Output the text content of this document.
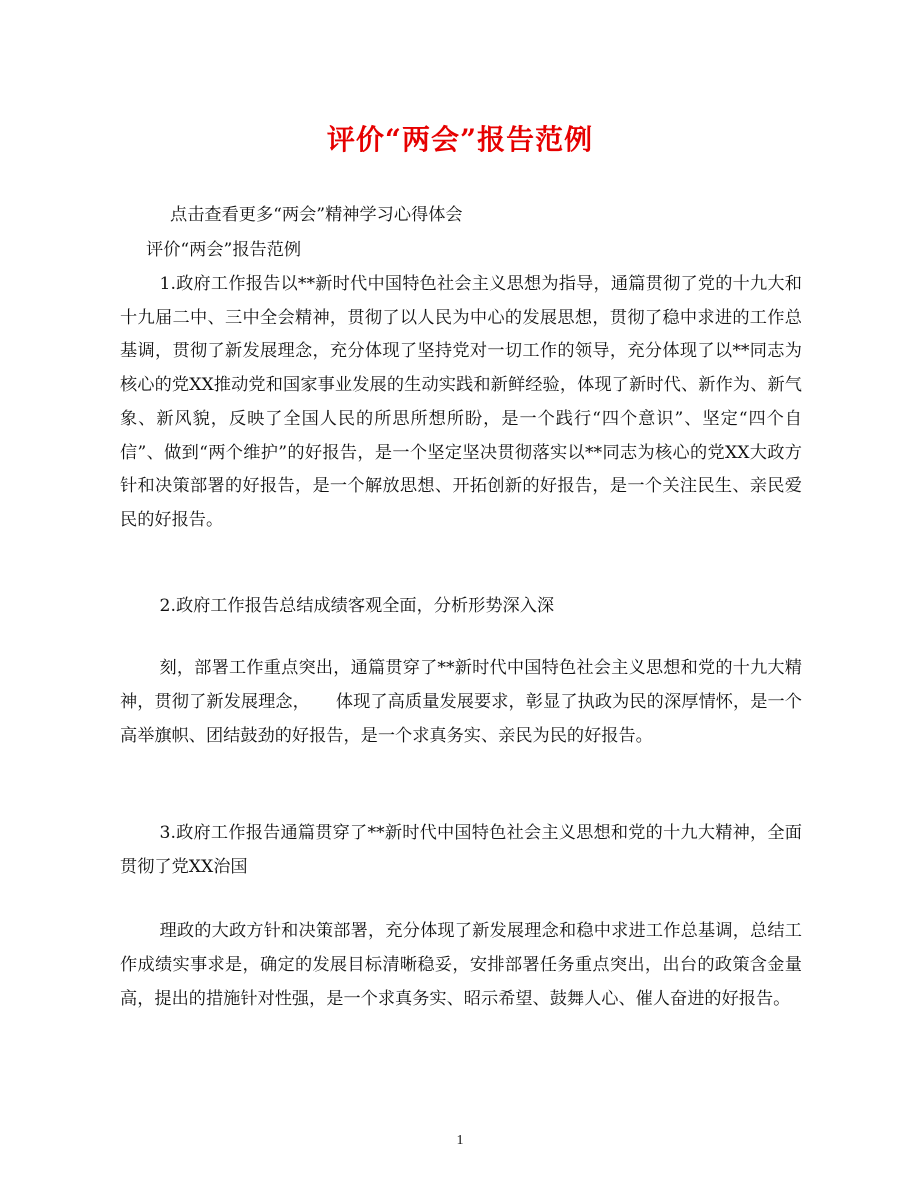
评价“两会”报告范例
点击查看更多“两会”精神学习心得体会
评价“两会”报告范例
1.政府工作报告以**新时代中国特色社会主义思想为指导，通篇贯彻了党的十九大和十九届二中、三中全会精神，贯彻了以人民为中心的发展思想，贯彻了稳中求进的工作总基调，贯彻了新发展理念，充分体现了坚持党对一切工作的领导，充分体现了以**同志为核心的党XX推动党和国家事业发展的生动实践和新鲜经验，体现了新时代、新作为、新气象、新风貌，反映了全国人民的所思所想所盼，是一个践行“四个意识”、坚定“四个自信”、做到“两个维护”的好报告，是一个坚定坚决贯彻落实以**同志为核心的党XX大政方针和决策部署的好报告，是一个解放思想、开拓创新的好报告，是一个关注民生、亲民爱民的好报告。
2.政府工作报告总结成绩客观全面，分析形势深入深
刻，部署工作重点突出，通篇贯穿了**新时代中国特色社会主义思想和党的十九大精神，贯彻了新发展理念，　　体现了高质量发展要求，彰显了执政为民的深厚情怀，是一个高举旗帜、团结鼓劲的好报告，是一个求真务实、亲民为民的好报告。
3.政府工作报告通篇贯穿了**新时代中国特色社会主义思想和党的十九大精神，全面贯彻了党XX治国
理政的大政方针和决策部署，充分体现了新发展理念和稳中求进工作总基调，总结工作成绩实事求是，确定的发展目标清晰稳妥，安排部署任务重点突出，出台的政策含金量高，提出的措施针对性强，是一个求真务实、昭示希望、鼓舞人心、催人奋进的好报告。
1
